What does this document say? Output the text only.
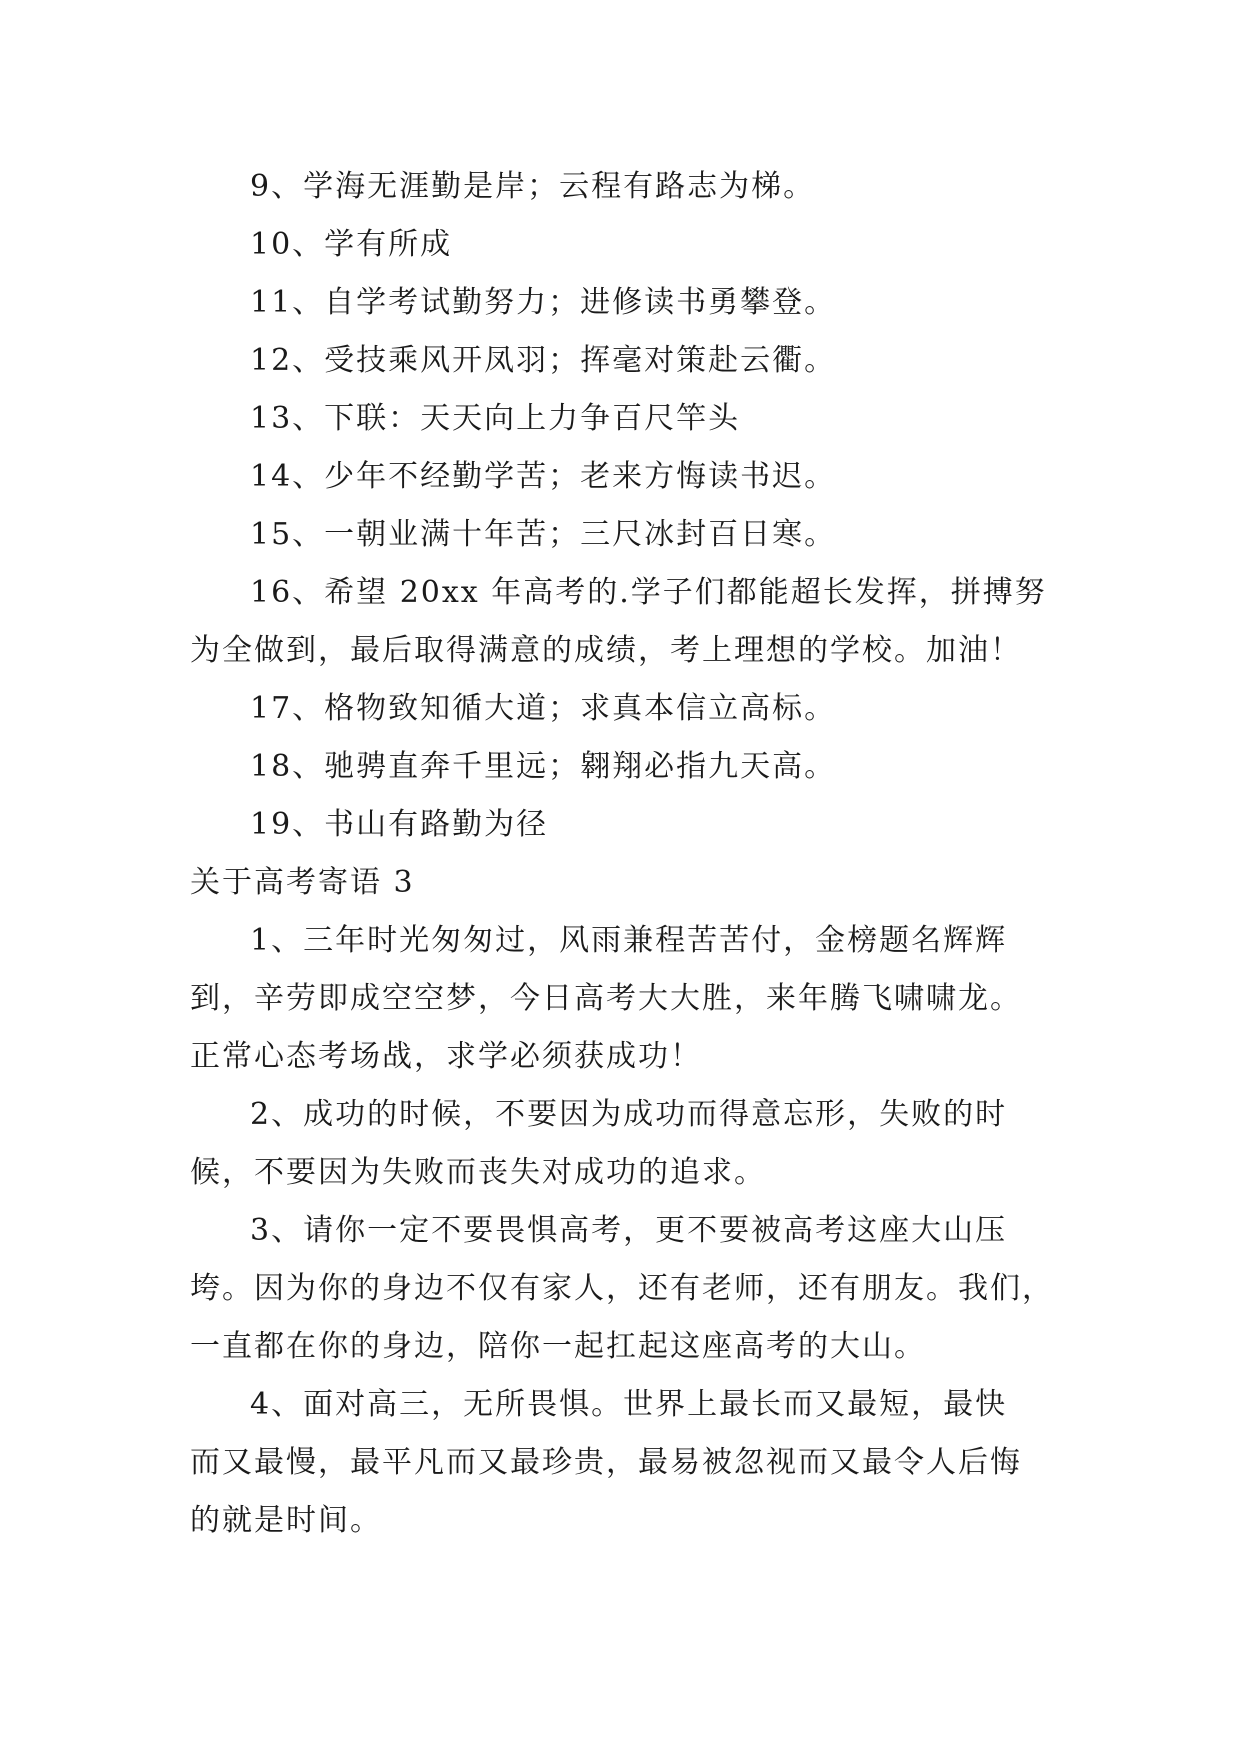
9、学海无涯勤是岸；云程有路志为梯。
10、学有所成
11、自学考试勤努力；进修读书勇攀登。
12、受技乘风开凤羽；挥毫对策赴云衢。
13、下联：天天向上力争百尺竿头
14、少年不经勤学苦；老来方悔读书迟。
15、一朝业满十年苦；三尺冰封百日寒。
16、希望 20xx 年高考的.学子们都能超长发挥，拼搏努
为全做到，最后取得满意的成绩，考上理想的学校。加油！
17、格物致知循大道；求真本信立高标。
18、驰骋直奔千里远；翱翔必指九天高。
19、书山有路勤为径
关于高考寄语 3
1、三年时光匆匆过，风雨兼程苦苦付，金榜题名辉辉
到，辛劳即成空空梦，今日高考大大胜，来年腾飞啸啸龙。
正常心态考场战，求学必须获成功！
2、成功的时候，不要因为成功而得意忘形，失败的时
候，不要因为失败而丧失对成功的追求。
3、请你一定不要畏惧高考，更不要被高考这座大山压
垮。因为你的身边不仅有家人，还有老师，还有朋友。我们，
一直都在你的身边，陪你一起扛起这座高考的大山。
4、面对高三，无所畏惧。世界上最长而又最短，最快
而又最慢，最平凡而又最珍贵，最易被忽视而又最令人后悔
的就是时间。
